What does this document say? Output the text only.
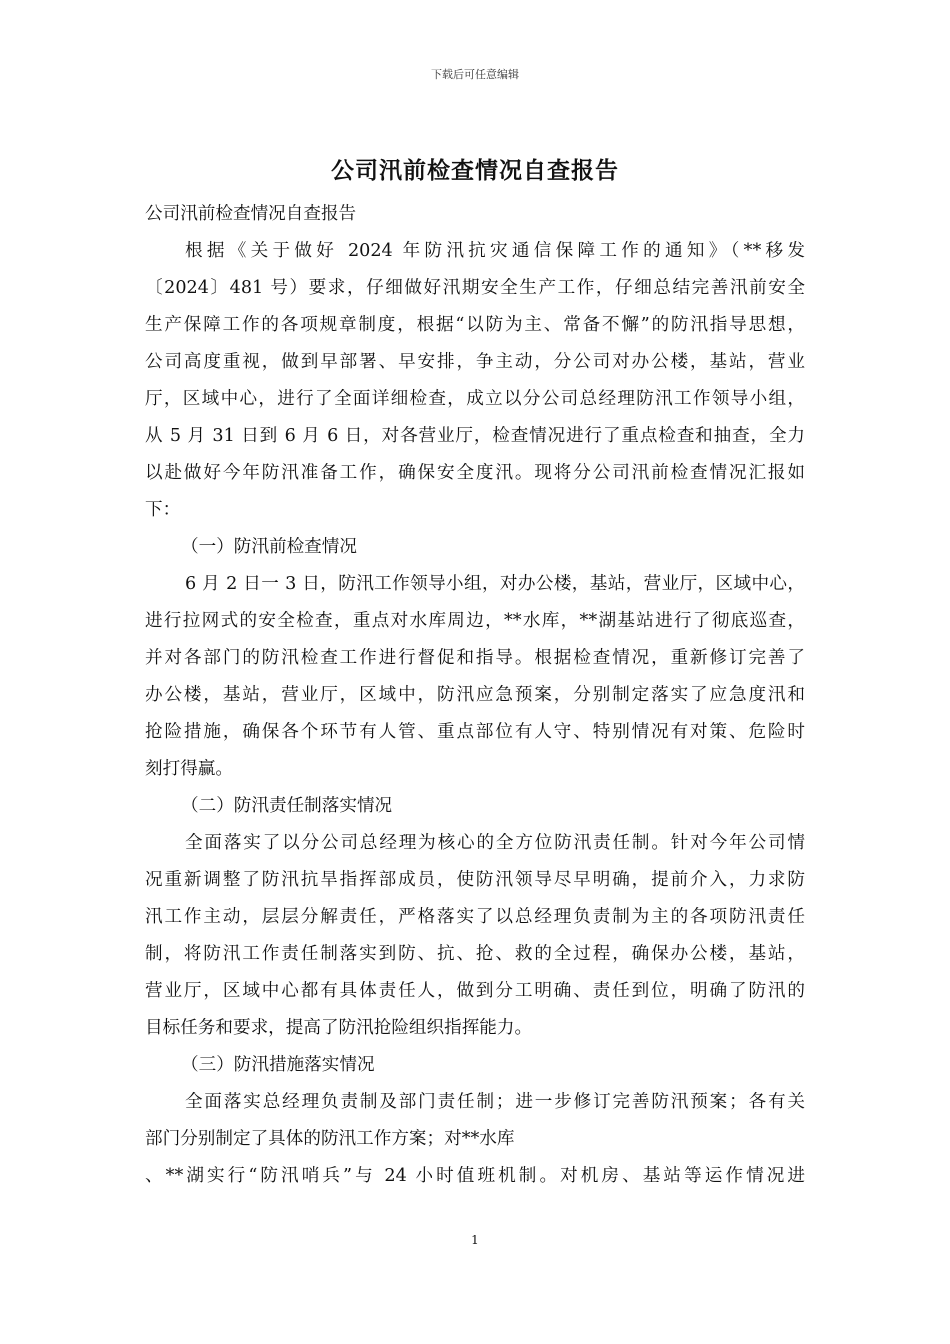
下载后可任意编辑
公司汛前检查情况自查报告
公司汛前检查情况自查报告
根据《关于做好 2024 年防汛抗灾通信保障工作的通知》（**移发
〔2024〕481 号）要求，仔细做好汛期安全生产工作，仔细总结完善汛前安全
生产保障工作的各项规章制度，根据“以防为主、常备不懈”的防汛指导思想，
公司高度重视，做到早部署、早安排，争主动，分公司对办公楼，基站，营业
厅，区域中心，进行了全面详细检查，成立以分公司总经理防汛工作领导小组，
从 5 月 31 日到 6 月 6 日，对各营业厅，检查情况进行了重点检查和抽查，全力
以赴做好今年防汛准备工作，确保安全度汛。现将分公司汛前检查情况汇报如
下：
（一）防汛前检查情况
6 月 2 日一 3 日，防汛工作领导小组，对办公楼，基站，营业厅，区域中心，
进行拉网式的安全检查，重点对水库周边，**水库，**湖基站进行了彻底巡查，
并对各部门的防汛检查工作进行督促和指导。根据检查情况，重新修订完善了
办公楼，基站，营业厅，区域中，防汛应急预案，分别制定落实了应急度汛和
抢险措施，确保各个环节有人管、重点部位有人守、特别情况有对策、危险时
刻打得赢。
（二）防汛责任制落实情况
全面落实了以分公司总经理为核心的全方位防汛责任制。针对今年公司情
况重新调整了防汛抗旱指挥部成员，使防汛领导尽早明确，提前介入，力求防
汛工作主动，层层分解责任，严格落实了以总经理负责制为主的各项防汛责任
制，将防汛工作责任制落实到防、抗、抢、救的全过程，确保办公楼，基站，
营业厅，区域中心都有具体责任人，做到分工明确、责任到位，明确了防汛的
目标任务和要求，提高了防汛抢险组织指挥能力。
（三）防汛措施落实情况
全面落实总经理负责制及部门责任制；进一步修订完善防汛预案；各有关
部门分别制定了具体的防汛工作方案；对**水库
、**湖实行“防汛哨兵”与 24 小时值班机制。对机房、基站等运作情况进
1
